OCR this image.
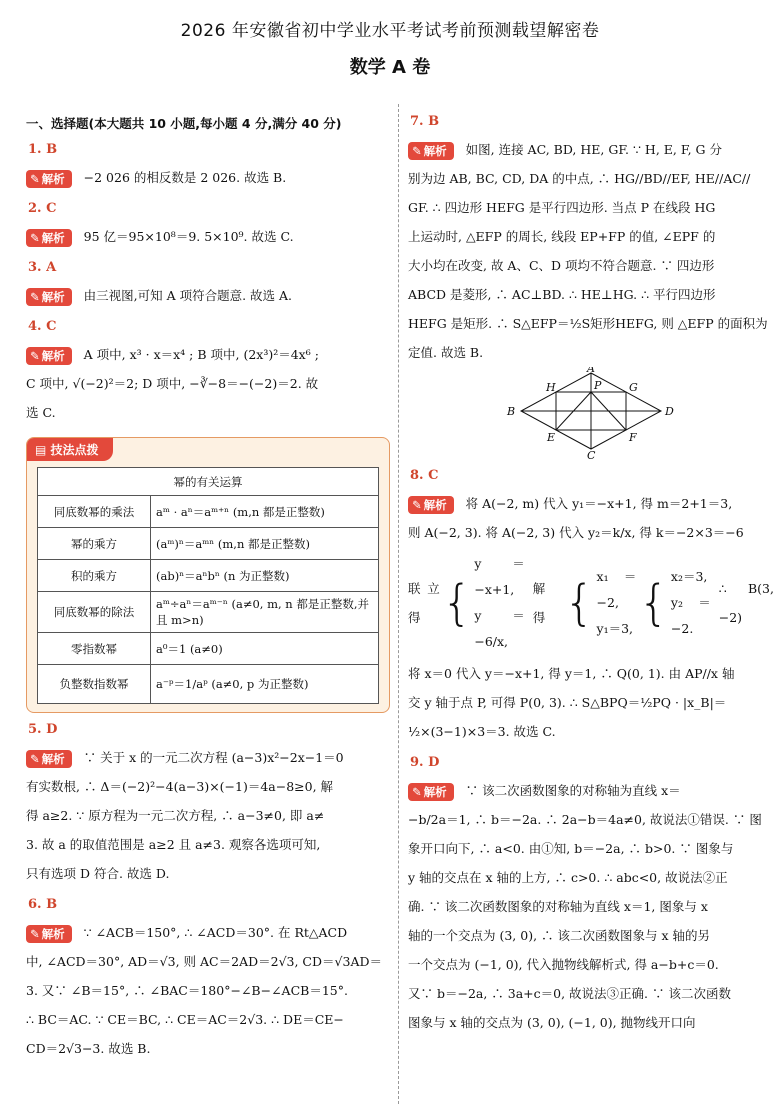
2026 年安徽省初中学业水平考试考前预测载望解密卷
数学 A 卷
一、选择题(本大题共 10 小题,每小题 4 分,满分 40 分)
1. B
✎ 解析 −2 026 的相反数是 2 026. 故选 B.
2. C
✎ 解析 95 亿＝95×10⁸＝9. 5×10⁹. 故选 C.
3. A
✎ 解析 由三视图,可知 A 项符合题意. 故选 A.
4. C
✎ 解析 A 项中, x³ · x＝x⁴ ; B 项中, (2x³)²＝4x⁶ ;
C 项中, √(−2)²＝2; D 项中, −∛−8＝−(−2)＝2. 故
选 C.
▤ 技法点拨
幂的有关运算	
同底数幂的乘法	aᵐ · aⁿ＝aᵐ⁺ⁿ (m,n 都是正整数)
幂的乘方	(aᵐ)ⁿ＝aᵐⁿ (m,n 都是正整数)
积的乘方	(ab)ⁿ＝aⁿbⁿ (n 为正整数)
同底数幂的除法	aᵐ÷aⁿ＝aᵐ⁻ⁿ (a≠0, m, n 都是正整数,并且 m>n)
零指数幂	a⁰＝1 (a≠0)
负整数指数幂	a⁻ᵖ＝1/aᵖ (a≠0, p 为正整数)
5. D
✎ 解析 ∵ 关于 x 的一元二次方程 (a−3)x²−2x−1＝0
有实数根, ∴ Δ＝(−2)²−4(a−3)×(−1)＝4a−8≥0, 解
得 a≥2. ∵ 原方程为一元二次方程, ∴ a−3≠0, 即 a≠
3. 故 a 的取值范围是 a≥2 且 a≠3. 观察各选项可知,
只有选项 D 符合. 故选 D.
6. B
✎ 解析 ∵ ∠ACB＝150°, ∴ ∠ACD＝30°. 在 Rt△ACD
中, ∠ACD＝30°, AD＝√3, 则 AC＝2AD＝2√3, CD＝√3AD＝
3. 又∵ ∠B＝15°, ∴ ∠BAC＝180°−∠B−∠ACB＝15°.
∴ BC＝AC. ∵ CE＝BC, ∴ CE＝AC＝2√3. ∴ DE＝CE−
CD＝2√3−3. 故选 B.
7. B
✎ 解析 如图, 连接 AC, BD, HE, GF. ∵ H, E, F, G 分
别为边 AB, BC, CD, DA 的中点, ∴ HG//BD//EF, HE//AC//
GF. ∴ 四边形 HEFG 是平行四边形. 当点 P 在线段 HG
上运动时, △EFP 的周长, 线段 EP+FP 的值, ∠EPF 的
大小均在改变, 故 A、C、D 项均不符合题意. ∵ 四边形
ABCD 是菱形, ∴ AC⊥BD. ∴ HE⊥HG. ∴ 平行四边形
HEFG 是矩形. ∴ S△EFP＝½S矩形HEFG, 则 △EFP 的面积为
定值. 故选 B.
A
B
C
D
E	F
G
H	P
8. C
✎ 解析 将 A(−2, m) 代入 y₁＝−x+1, 得 m＝2+1＝3,
则 A(−2, 3). 将 A(−2, 3) 代入 y₂＝k/x, 得 k＝−2×3＝−6
联立得 {
y＝−x+1,
y＝−6/x,
解得 { x₁＝−2,
y₁＝3, { x₂＝3,
y₂＝−2.
∴ B(3, −2)
将 x＝0 代入 y＝−x+1, 得 y＝1, ∴ Q(0, 1). 由 AP//x 轴
交 y 轴于点 P, 可得 P(0, 3). ∴ S△BPQ＝½PQ · |x_B|＝
½×(3−1)×3＝3. 故选 C.
9. D
✎ 解析 ∵ 该二次函数图象的对称轴为直线 x＝
−b/2a＝1, ∴ b＝−2a. ∴ 2a−b＝4a≠0, 故说法①错误. ∵ 图
象开口向下, ∴ a<0. 由①知, b＝−2a, ∴ b>0. ∵ 图象与
y 轴的交点在 x 轴的上方, ∴ c>0. ∴ abc<0, 故说法②正
确. ∵ 该二次函数图象的对称轴为直线 x＝1, 图象与 x
轴的一个交点为 (3, 0), ∴ 该二次函数图象与 x 轴的另
一个交点为 (−1, 0), 代入抛物线解析式, 得 a−b+c＝0.
又∵ b＝−2a, ∴ 3a+c＝0, 故说法③正确. ∵ 该二次函数
图象与 x 轴的交点为 (3, 0), (−1, 0), 抛物线开口向
